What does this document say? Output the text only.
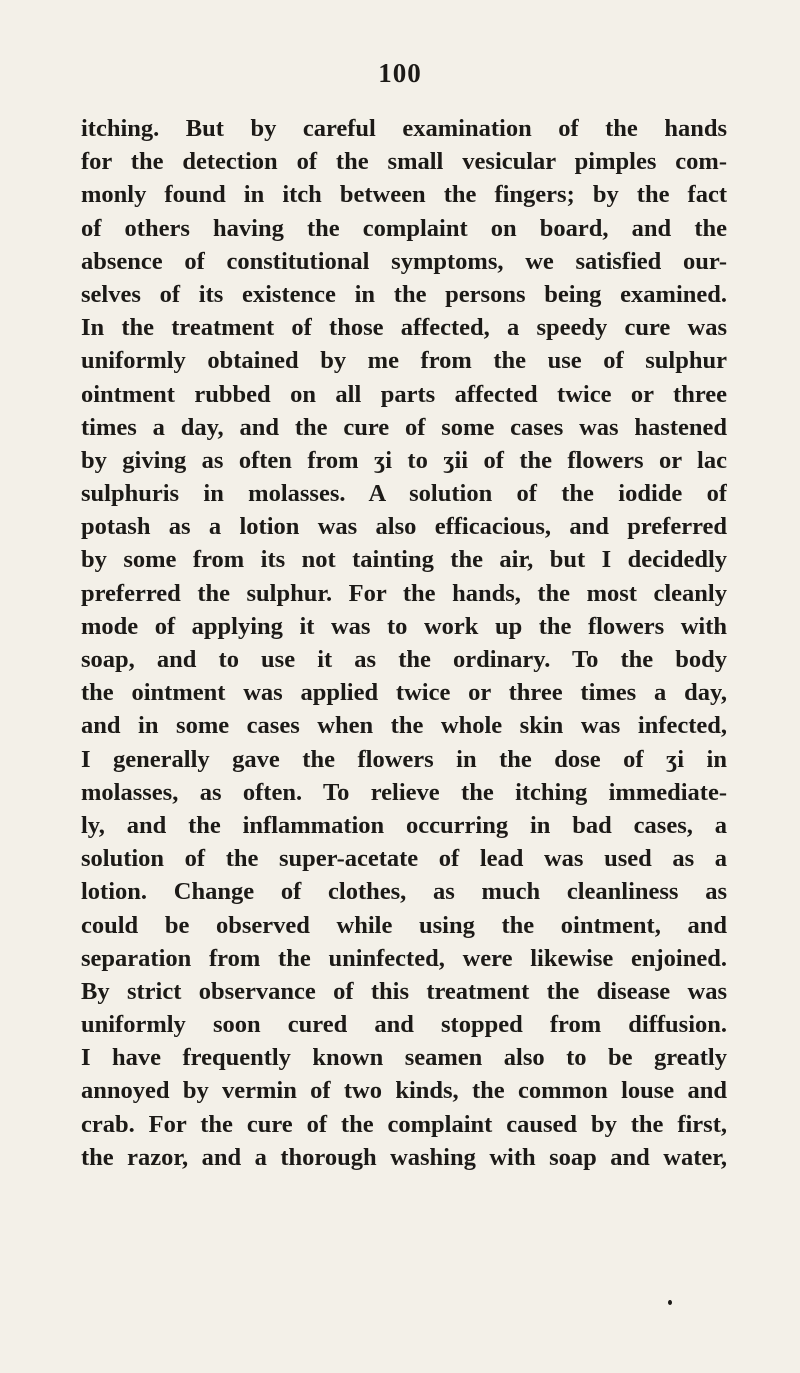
100
itching. But by careful examination of the hands
for the detection of the small vesicular pimples com-
monly found in itch between the fingers; by the fact
of others having the complaint on board, and the
absence of constitutional symptoms, we satisfied our-
selves of its existence in the persons being examined.
In the treatment of those affected, a speedy cure was
uniformly obtained by me from the use of sulphur
ointment rubbed on all parts affected twice or three
times a day, and the cure of some cases was hastened
by giving as often from ʒi to ʒii of the flowers or lac
sulphuris in molasses. A solution of the iodide of
potash as a lotion was also efficacious, and preferred
by some from its not tainting the air, but I decidedly
preferred the sulphur. For the hands, the most cleanly
mode of applying it was to work up the flowers with
soap, and to use it as the ordinary. To the body
the ointment was applied twice or three times a day,
and in some cases when the whole skin was infected,
I generally gave the flowers in the dose of ʒi in
molasses, as often. To relieve the itching immediate-
ly, and the inflammation occurring in bad cases, a
solution of the super-acetate of lead was used as a
lotion. Change of clothes, as much cleanliness as
could be observed while using the ointment, and
separation from the uninfected, were likewise enjoined.
By strict observance of this treatment the disease was
uniformly soon cured and stopped from diffusion.
I have frequently known seamen also to be greatly
annoyed by vermin of two kinds, the common louse and
crab. For the cure of the complaint caused by the first,
the razor, and a thorough washing with soap and water,
